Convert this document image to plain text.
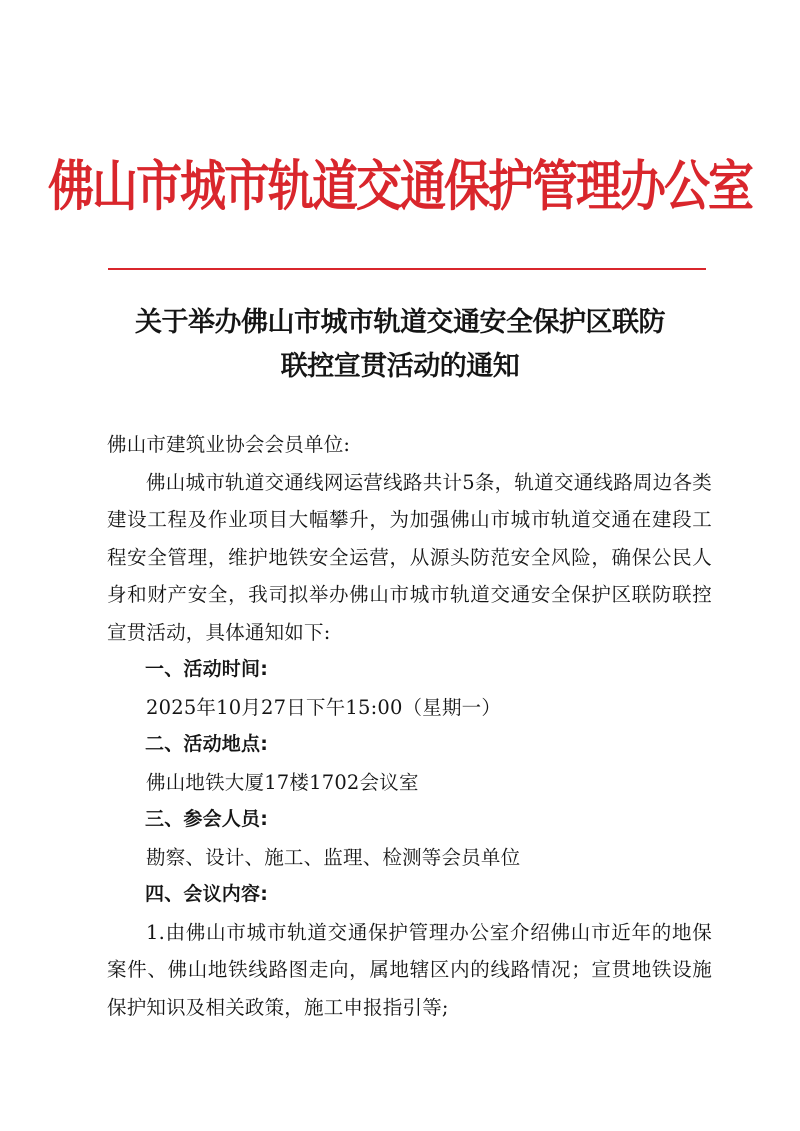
佛山市城市轨道交通保护管理办公室
关于举办佛山市城市轨道交通安全保护区联防
联控宣贯活动的通知

佛山市建筑业协会会员单位:

佛山城市轨道交通线网运营线路共计5条，轨道交通线路周边各类建设工程及作业项目大幅攀升，为加强佛山市城市轨道交通在建段工程安全管理，维护地铁安全运营，从源头防范安全风险，确保公民人身和财产安全，我司拟举办佛山市城市轨道交通安全保护区联防联控宣贯活动，具体通知如下:

一、活动时间:

2025年10月27日下午15:00（星期一）

二、活动地点:

佛山地铁大厦17楼1702会议室

三、参会人员:

勘察、设计、施工、监理、检测等会员单位

四、会议内容:

1.由佛山市城市轨道交通保护管理办公室介绍佛山市近年的地保案件、佛山地铁线路图走向，属地辖区内的线路情况；宣贯地铁设施保护知识及相关政策，施工申报指引等;
